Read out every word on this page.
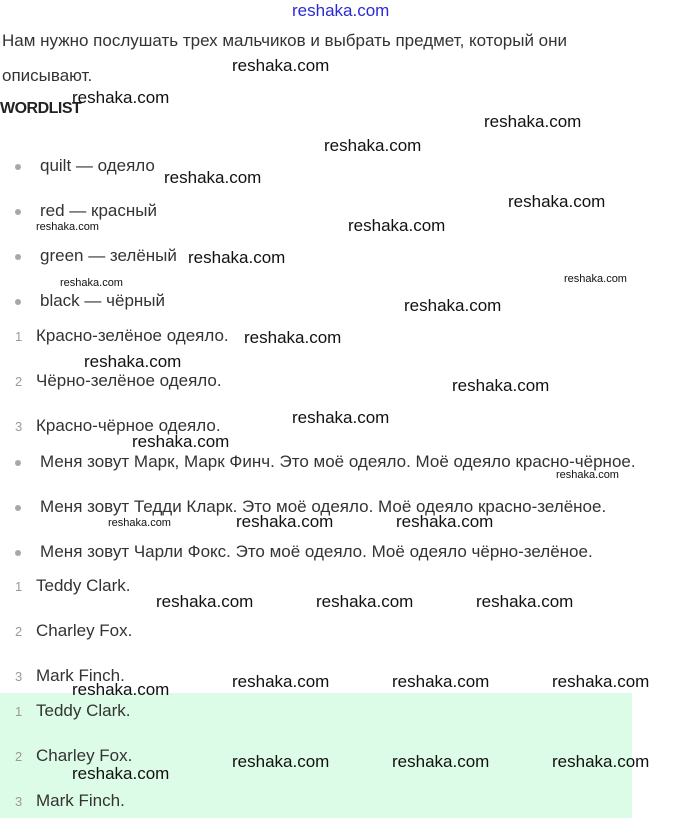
reshaka.com
Нам нужно послушать трех мальчиков и выбрать предмет, который они
описывают.
WORDLIST
quilt — одеяло
red — красный
green — зелёный
black — чёрный
1 Красно-зелёное одеяло.
2 Чёрно-зелёное одеяло.
3 Красно-чёрное одеяло.
Меня зовут Марк, Марк Финч. Это моё одеяло. Моё одеяло красно-чёрное.
Меня зовут Тедди Кларк. Это моё одеяло. Моё одеяло красно-зелёное.
Меня зовут Чарли Фокс. Это моё одеяло. Моё одеяло чёрно-зелёное.
1 Teddy Clark.
2 Charley Fox.
3 Mark Finch.
1 Teddy Clark.
2 Charley Fox.
3 Mark Finch.
reshaka.com
reshaka.com
reshaka.com
reshaka.com
reshaka.com
reshaka.com
reshaka.com	reshaka.com
reshaka.com
reshaka.com	reshaka.com
reshaka.com
reshaka.com
reshaka.com
reshaka.com
reshaka.com
reshaka.com
reshaka.com
reshaka.com	reshaka.com	reshaka.com
reshaka.com	reshaka.com	reshaka.com
reshaka.com	reshaka.com	reshaka.com	reshaka.com
reshaka.com	reshaka.com	reshaka.com
reshaka.com
